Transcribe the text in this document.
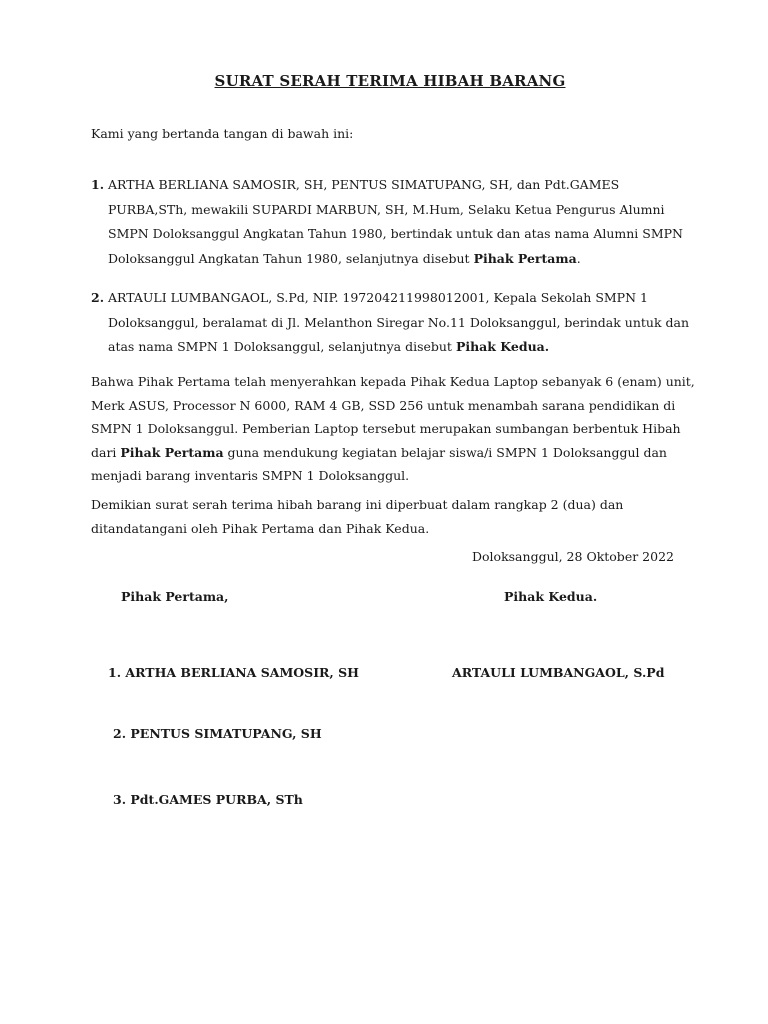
SURAT SERAH TERIMA HIBAH BARANG
Kami yang bertanda tangan di bawah ini:
1. ARTHA BERLIANA SAMOSIR, SH, PENTUS SIMATUPANG, SH, dan Pdt.GAMES PURBA,STh, mewakili SUPARDI MARBUN, SH, M.Hum, Selaku Ketua Pengurus Alumni SMPN Doloksanggul Angkatan Tahun 1980, bertindak untuk dan atas nama Alumni SMPN Doloksanggul Angkatan Tahun 1980, selanjutnya disebut Pihak Pertama.
2. ARTAULI LUMBANGAOL, S.Pd, NIP. 197204211998012001, Kepala Sekolah SMPN 1 Doloksanggul, beralamat di Jl. Melanthon Siregar No.11 Doloksanggul, berindak untuk dan atas nama SMPN 1 Doloksanggul, selanjutnya disebut Pihak Kedua.
Bahwa Pihak Pertama telah menyerahkan kepada Pihak Kedua Laptop sebanyak 6 (enam) unit, Merk ASUS, Processor N 6000, RAM 4 GB, SSD 256 untuk menambah sarana pendidikan di SMPN 1 Doloksanggul. Pemberian Laptop tersebut merupakan sumbangan berbentuk Hibah dari Pihak Pertama guna mendukung kegiatan belajar siswa/i SMPN 1 Doloksanggul dan menjadi barang inventaris SMPN 1 Doloksanggul.
Demikian surat serah terima hibah barang ini diperbuat dalam rangkap 2 (dua) dan ditandatangani oleh Pihak Pertama dan Pihak Kedua.
Doloksanggul, 28 Oktober 2022
Pihak Pertama,	Pihak Kedua.
1. ARTHA BERLIANA SAMOSIR, SH	ARTAULI LUMBANGAOL, S.Pd
2. PENTUS SIMATUPANG, SH
3. Pdt.GAMES PURBA, STh
